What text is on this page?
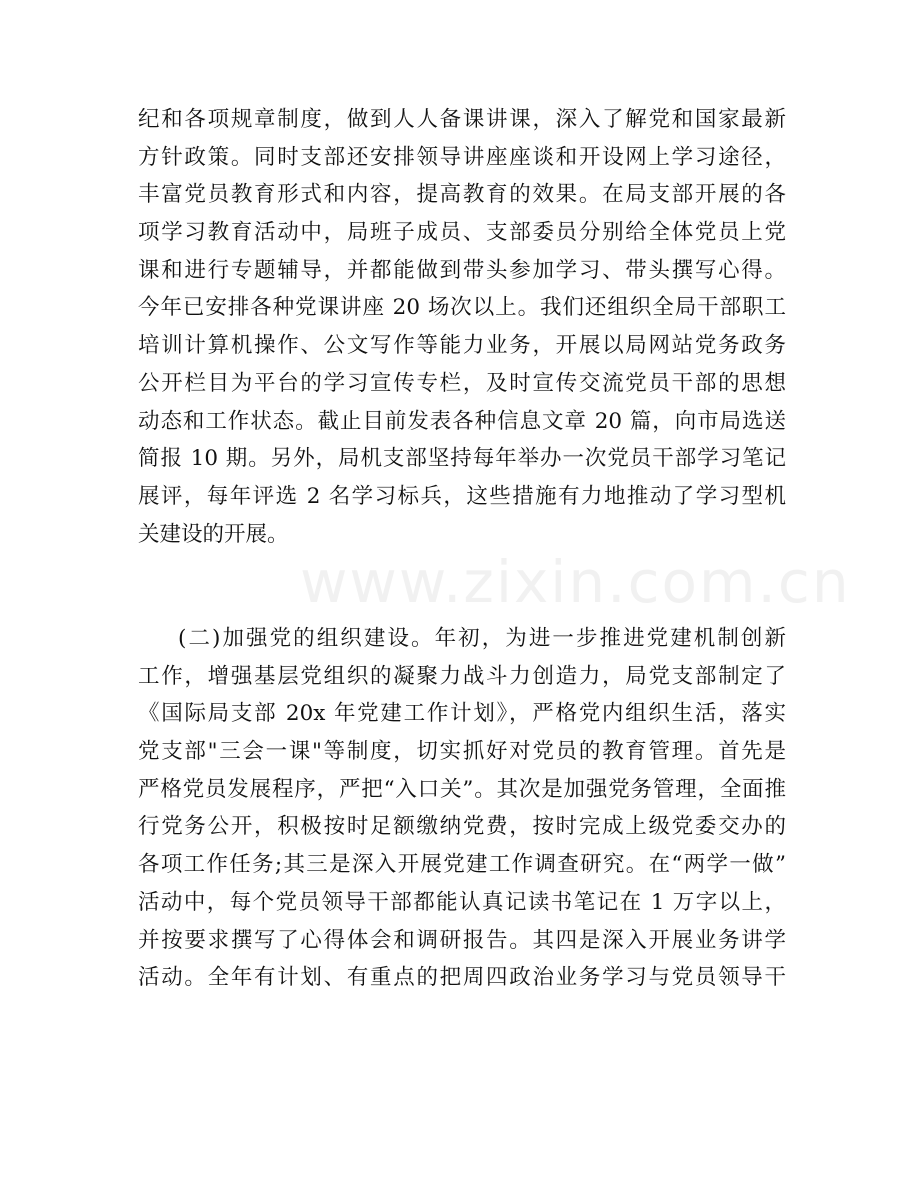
www.zixin.com.cn
纪和各项规章制度，做到人人备课讲课，深入了解党和国家最新
方针政策。同时支部还安排领导讲座座谈和开设网上学习途径，
丰富党员教育形式和内容，提高教育的效果。在局支部开展的各
项学习教育活动中，局班子成员、支部委员分别给全体党员上党
课和进行专题辅导，并都能做到带头参加学习、带头撰写心得。
今年已安排各种党课讲座 20 场次以上。我们还组织全局干部职工
培训计算机操作、公文写作等能力业务，开展以局网站党务政务
公开栏目为平台的学习宣传专栏，及时宣传交流党员干部的思想
动态和工作状态。截止目前发表各种信息文章 20 篇，向市局选送
简报 10 期。另外，局机支部坚持每年举办一次党员干部学习笔记
展评，每年评选 2 名学习标兵，这些措施有力地推动了学习型机
关建设的开展。
(二)加强党的组织建设。年初，为进一步推进党建机制创新
工作，增强基层党组织的凝聚力战斗力创造力，局党支部制定了
《国际局支部 20x 年党建工作计划》，严格党内组织生活，落实
党支部"三会一课"等制度，切实抓好对党员的教育管理。首先是
严格党员发展程序，严把“入口关”。其次是加强党务管理，全面推
行党务公开，积极按时足额缴纳党费，按时完成上级党委交办的
各项工作任务;其三是深入开展党建工作调查研究。在“两学一做”
活动中，每个党员领导干部都能认真记读书笔记在 1 万字以上，
并按要求撰写了心得体会和调研报告。其四是深入开展业务讲学
活动。全年有计划、有重点的把周四政治业务学习与党员领导干
